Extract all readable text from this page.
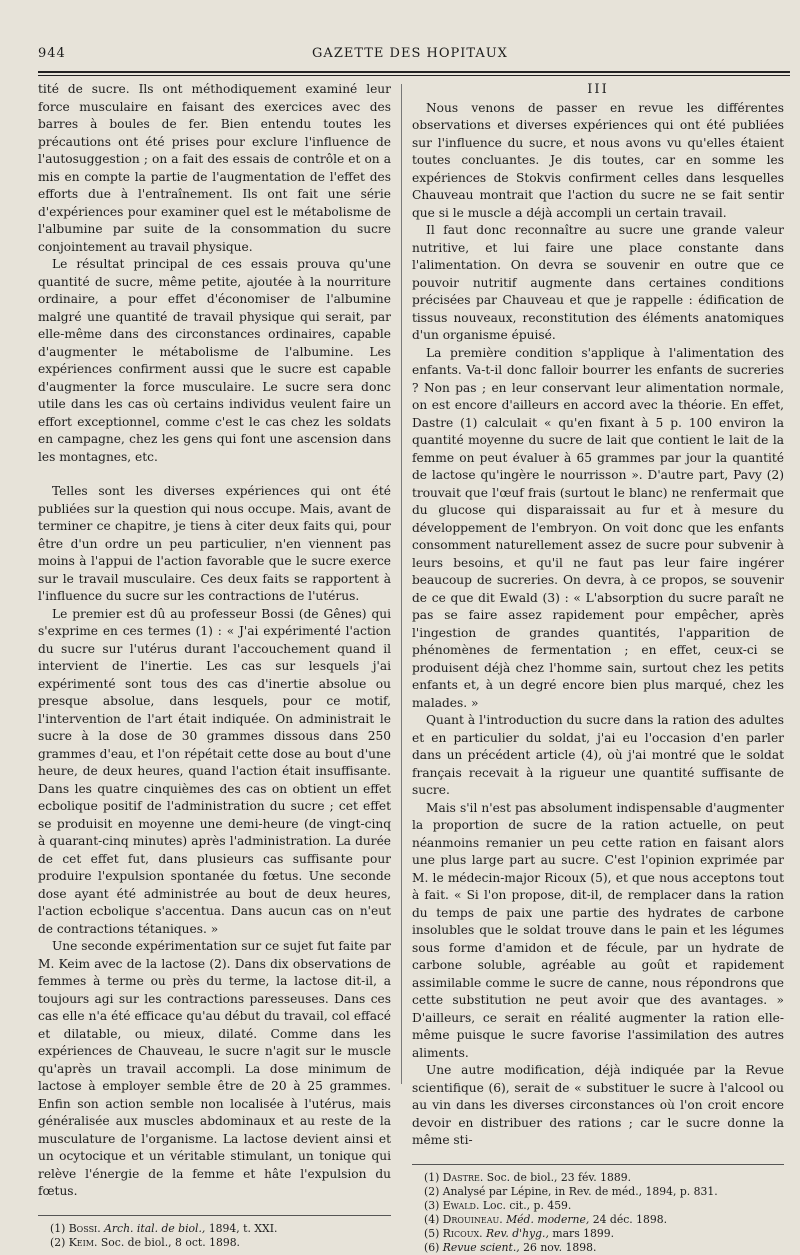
944	GAZETTE DES HOPITAUX

tité de sucre. Ils ont méthodiquement examiné leur force musculaire en faisant des exercices avec des barres à boules de fer. Bien entendu toutes les précautions ont été prises pour exclure l'influence de l'autosuggestion ; on a fait des essais de contrôle et on a mis en compte la partie de l'augmentation de l'effet des efforts due à l'entraînement. Ils ont fait une série d'expériences pour examiner quel est le métabolisme de l'albumine par suite de la consommation du sucre conjointement au travail physique.

Le résultat principal de ces essais prouva qu'une quantité de sucre, même petite, ajoutée à la nourriture ordinaire, a pour effet d'économiser de l'albumine malgré une quantité de travail physique qui serait, par elle-même dans des circonstances ordinaires, capable d'augmenter le métabolisme de l'albumine. Les expériences confirment aussi que le sucre est capable d'augmenter la force musculaire. Le sucre sera donc utile dans les cas où certains individus veulent faire un effort exceptionnel, comme c'est le cas chez les soldats en campagne, chez les gens qui font une ascension dans les montagnes, etc.

Telles sont les diverses expériences qui ont été publiées sur la question qui nous occupe. Mais, avant de terminer ce chapitre, je tiens à citer deux faits qui, pour être d'un ordre un peu particulier, n'en viennent pas moins à l'appui de l'action favorable que le sucre exerce sur le travail musculaire. Ces deux faits se rapportent à l'influence du sucre sur les contractions de l'utérus.

Le premier est dû au professeur Bossi (de Gênes) qui s'exprime en ces termes (1) : « J'ai expérimenté l'action du sucre sur l'utérus durant l'accouchement quand il intervient de l'inertie. Les cas sur lesquels j'ai expérimenté sont tous des cas d'inertie absolue ou presque absolue, dans lesquels, pour ce motif, l'intervention de l'art était indiquée. On administrait le sucre à la dose de 30 grammes dissous dans 250 grammes d'eau, et l'on répétait cette dose au bout d'une heure, de deux heures, quand l'action était insuffisante. Dans les quatre cinquièmes des cas on obtient un effet ecbolique positif de l'administration du sucre ; cet effet se produisit en moyenne une demi-heure (de vingt-cinq à quarant-cinq minutes) après l'administration. La durée de cet effet fut, dans plusieurs cas suffisante pour produire l'expulsion spontanée du fœtus. Une seconde dose ayant été administrée au bout de deux heures, l'action ecbolique s'accentua. Dans aucun cas on n'eut de contractions tétaniques. »

Une seconde expérimentation sur ce sujet fut faite par M. Keim avec de la lactose (2). Dans dix observations de femmes à terme ou près du terme, la lactose dit-il, a toujours agi sur les contractions paresseuses. Dans ces cas elle n'a été efficace qu'au début du travail, col effacé et dilatable, ou mieux, dilaté. Comme dans les expériences de Chauveau, le sucre n'agit sur le muscle qu'après un travail accompli. La dose minimum de lactose à employer semble être de 20 à 25 grammes. Enfin son action semble non localisée à l'utérus, mais généralisée aux muscles abdominaux et au reste de la musculature de l'organisme. La lactose devient ainsi et un ocytocique et un véritable stimulant, un tonique qui relève l'énergie de la femme et hâte l'expulsion du fœtus.

(1) Bossi. Arch. ital. de biol., 1894, t. XXI.
(2) Keim. Soc. de biol., 8 oct. 1898.
III

Nous venons de passer en revue les différentes observations et diverses expériences qui ont été publiées sur l'influence du sucre, et nous avons vu qu'elles étaient toutes concluantes. Je dis toutes, car en somme les expériences de Stokvis confirment celles dans lesquelles Chauveau montrait que l'action du sucre ne se fait sentir que si le muscle a déjà accompli un certain travail.

Il faut donc reconnaître au sucre une grande valeur nutritive, et lui faire une place constante dans l'alimentation. On devra se souvenir en outre que ce pouvoir nutritif augmente dans certaines conditions précisées par Chauveau et que je rappelle : édification de tissus nouveaux, reconstitution des éléments anatomiques d'un organisme épuisé.

La première condition s'applique à l'alimentation des enfants. Va-t-il donc falloir bourrer les enfants de sucreries ? Non pas ; en leur conservant leur alimentation normale, on est encore d'ailleurs en accord avec la théorie. En effet, Dastre (1) calculait « qu'en fixant à 5 p. 100 environ la quantité moyenne du sucre de lait que contient le lait de la femme on peut évaluer à 65 grammes par jour la quantité de lactose qu'ingère le nourrisson ». D'autre part, Pavy (2) trouvait que l'œuf frais (surtout le blanc) ne renfermait que du glucose qui disparaissait au fur et à mesure du développement de l'embryon. On voit donc que les enfants consomment naturellement assez de sucre pour subvenir à leurs besoins, et qu'il ne faut pas leur faire ingérer beaucoup de sucreries. On devra, à ce propos, se souvenir de ce que dit Ewald (3) : « L'absorption du sucre paraît ne pas se faire assez rapidement pour empêcher, après l'ingestion de grandes quantités, l'apparition de phénomènes de fermentation ; en effet, ceux-ci se produisent déjà chez l'homme sain, surtout chez les petits enfants et, à un degré encore bien plus marqué, chez les malades. »

Quant à l'introduction du sucre dans la ration des adultes et en particulier du soldat, j'ai eu l'occasion d'en parler dans un précédent article (4), où j'ai montré que le soldat français recevait à la rigueur une quantité suffisante de sucre.

Mais s'il n'est pas absolument indispensable d'augmenter la proportion de sucre de la ration actuelle, on peut néanmoins remanier un peu cette ration en faisant alors une plus large part au sucre. C'est l'opinion exprimée par M. le médecin-major Ricoux (5), et que nous acceptons tout à fait. « Si l'on propose, dit-il, de remplacer dans la ration du temps de paix une partie des hydrates de carbone insolubles que le soldat trouve dans le pain et les légumes sous forme d'amidon et de fécule, par un hydrate de carbone soluble, agréable au goût et rapidement assimilable comme le sucre de canne, nous répondrons que cette substitution ne peut avoir que des avantages. » D'ailleurs, ce serait en réalité augmenter la ration elle-même puisque le sucre favorise l'assimilation des autres aliments.

Une autre modification, déjà indiquée par la Revue scientifique (6), serait de « substituer le sucre à l'alcool ou au vin dans les diverses circonstances où l'on croit encore devoir en distribuer des rations ; car le sucre donne la même sti-

(1) Dastre. Soc. de biol., 23 fév. 1889.
(2) Analysé par Lépine, in Rev. de méd., 1894, p. 831.
(3) Ewald. Loc. cit., p. 459.
(4) Drouineau. Méd. moderne, 24 déc. 1898.
(5) Ricoux. Rev. d'hyg., mars 1899.
(6) Revue scient., 26 nov. 1898.
